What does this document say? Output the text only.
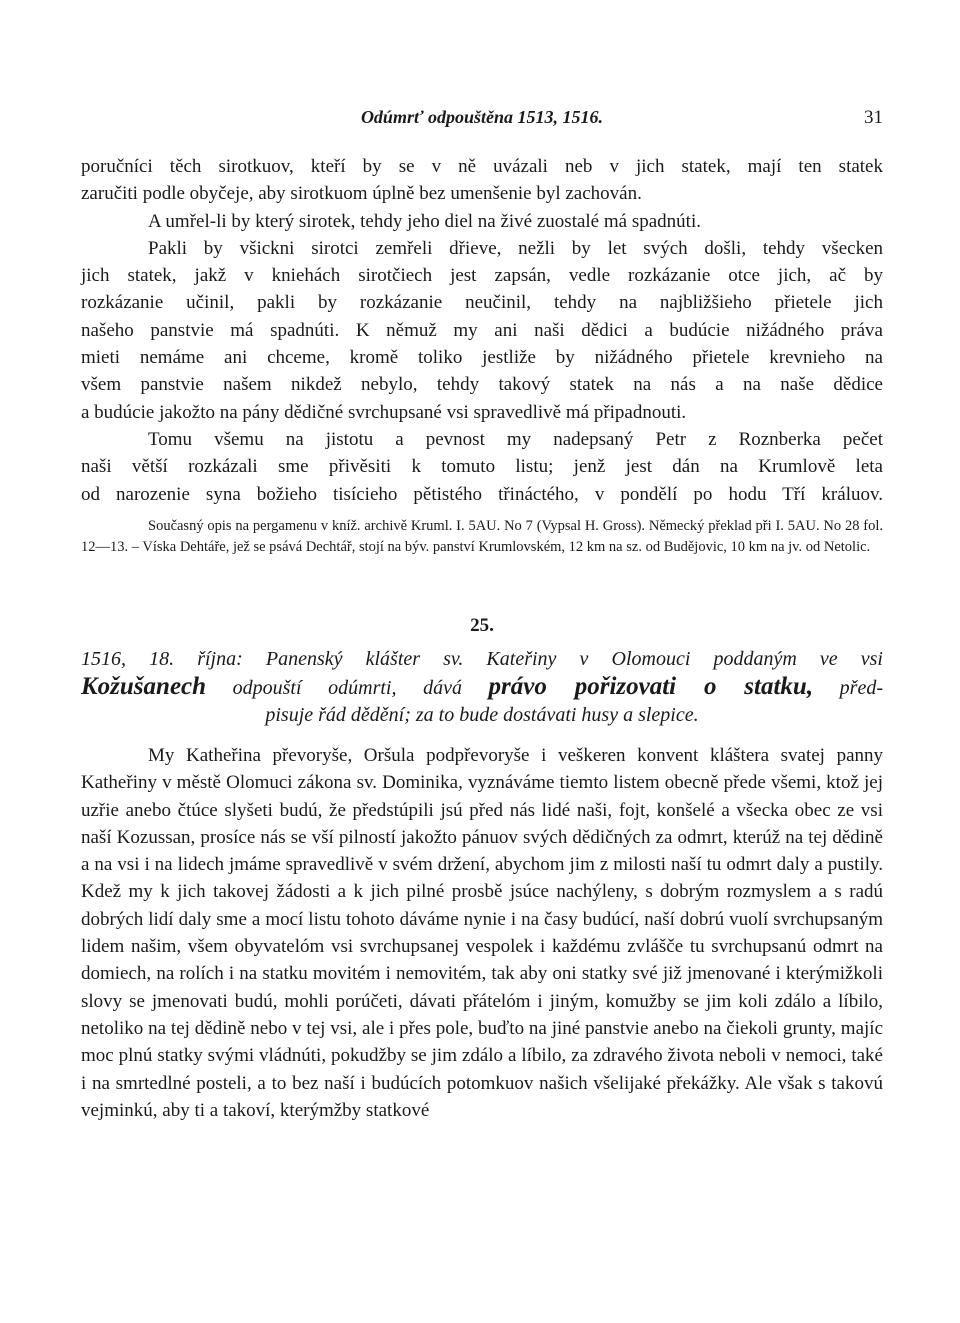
Odúmrť odpouštěna 1513, 1516.	31

poručníci těch sirotkuov, kteří by se v ně uvázali neb v jich statek, mají ten statek

zaručiti podle obyčeje, aby sirotkuom úplně bez umenšenie byl zachován.

A umřel-li by který sirotek, tehdy jeho diel na živé zuostalé má spadnúti.

Pakli by všickni sirotci zemřeli dřieve, nežli by let svých došli, tehdy všecken

jich statek, jakž v kniehách sirotčiech jest zapsán, vedle rozkázanie otce jich, ač by

rozkázanie učinil, pakli by rozkázanie neučinil, tehdy na najbližšieho přietele jich

našeho panstvie má spadnúti. K němuž my ani naši dědici a budúcie nižádného práva

mieti nemáme ani chceme, kromě toliko jestliže by nižádného přietele krevnieho na

všem panstvie našem nikdež nebylo, tehdy takový statek na nás a na naše dědice

a budúcie jakožto na pány dědičné svrchupsané vsi spravedlivě má připadnouti.

Tomu všemu na jistotu a pevnost my nadepsaný Petr z Roznberka pečet

naši větší rozkázali sme přivěsiti k tomuto listu; jenž jest dán na Krumlově leta

od narozenie syna božieho tisícieho pětistého třináctého, v pondělí po hodu Tří králuov.

Současný opis na pergamenu v kníž. archivě Kruml. I. 5AU. No 7 (Vypsal H. Gross). Německý překlad při I. 5AU. No 28 fol. 12—13. – Víska Dehtáře, jež se psává Dechtář, stojí na býv. panství Krumlovském, 12 km na sz. od Budějovic, 10 km na jv. od Netolic.

25.
1516, 18. října: Panenský klášter sv. Kateřiny v Olomouci poddaným ve vsi
Kožušanech odpouští odúmrti, dává právo pořizovati o statku, před-
pisuje řád dědění; za to bude dostávati husy a slepice.

My Katheřina převoryše, Oršula podpřevoryše i veškeren konvent kláštera svatej panny Katheřiny v městě Olomuci zákona sv. Dominika, vyznáváme tiemto listem obecně přede všemi, ktož jej uzřie anebo čtúce slyšeti budú, že předstúpili jsú před nás lidé naši, fojt, konšelé a všecka obec ze vsi naší Kozussan, prosíce nás se vší pilností jakožto pánuov svých dědičných za odmrt, kterúž na tej dědině a na vsi i na lidech jmáme spravedlivě v svém držení, abychom jim z milosti naší tu odmrt daly a pustily. Kdež my k jich takovej žádosti a k jich pilné prosbě jsúce nachýleny, s dobrým rozmyslem a s radú dobrých lidí daly sme a mocí listu tohoto dáváme nynie i na časy budúcí, naší dobrú vuolí svrchupsaným lidem našim, všem obyvatelóm vsi svrchupsanej vespolek i každému zvlášče tu svrchupsanú odmrt na domiech, na rolích i na statku movitém i nemovitém, tak aby oni statky své již jmenované i kterýmižkoli slovy se jmenovati budú, mohli porúčeti, dávati přátelóm i jiným, komužby se jim koli zdálo a líbilo, netoliko na tej dědině nebo v tej vsi, ale i přes pole, buďto na jiné panstvie anebo na čiekoli grunty, majíc moc plnú statky svými vládnúti, pokudžby se jim zdálo a líbilo, za zdravého života neboli v nemoci, také i na smrtedlné posteli, a to bez naší i budúcích potomkuov našich všelijaké překážky. Ale však s takovú vejminkú, aby ti a takoví, kterýmžby statkové
